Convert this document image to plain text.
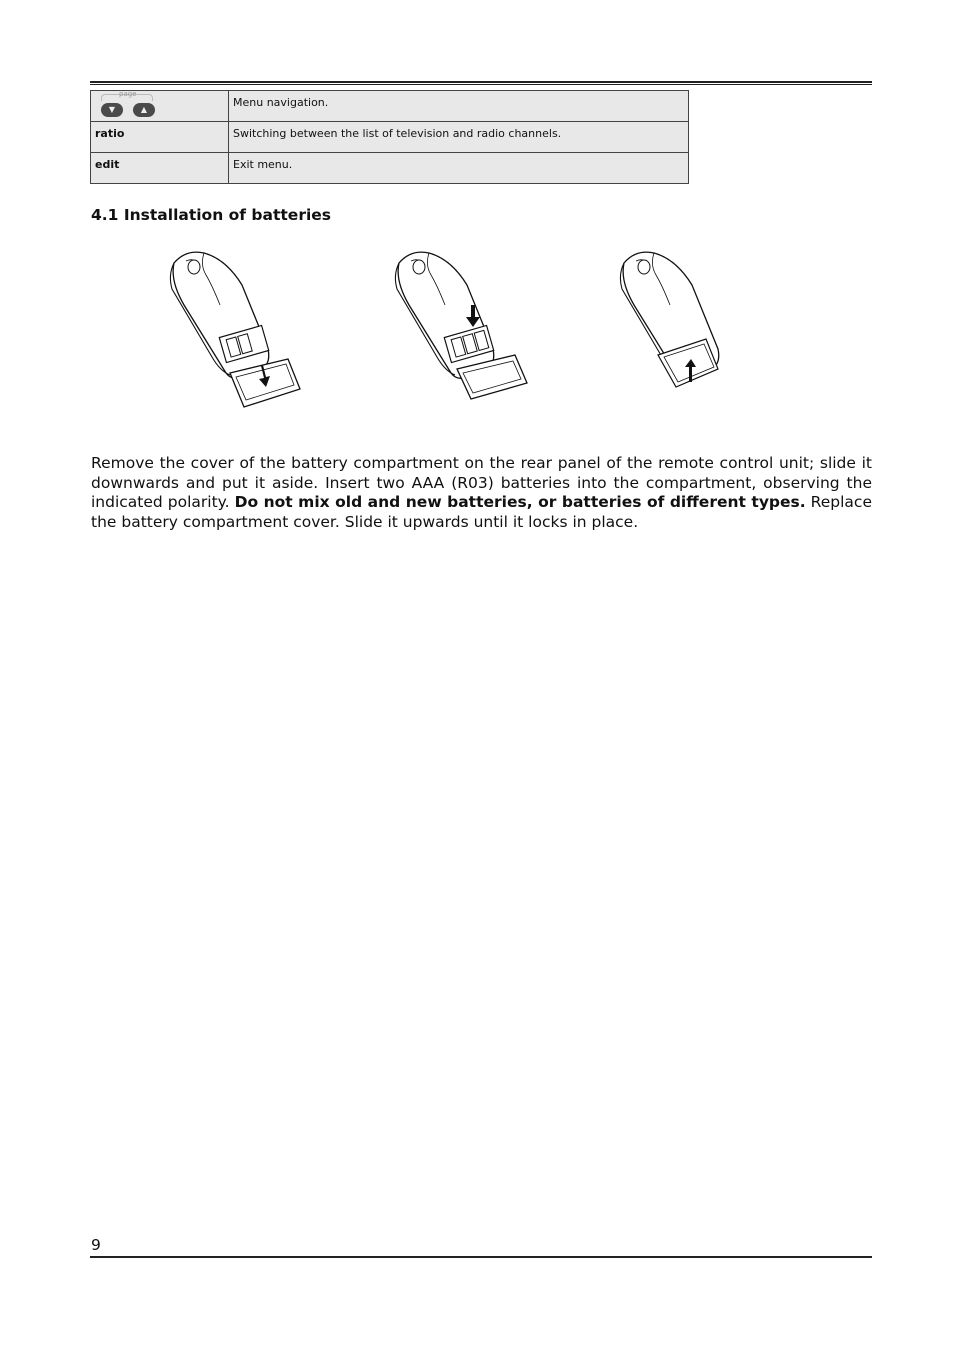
page
▼ ▲	Menu navigation.
ratio	Switching between the list of television and radio channels.
edit	Exit menu.
4.1 Installation of batteries

Remove the cover of the battery compartment on the rear panel of the remote control unit; slide it downwards and put it aside. Insert two AAA (R03) batteries into the compartment, observing the indicated polarity. Do not mix old and new batteries, or batteries of different types. Replace the battery compartment cover. Slide it upwards until it locks in place.

9
